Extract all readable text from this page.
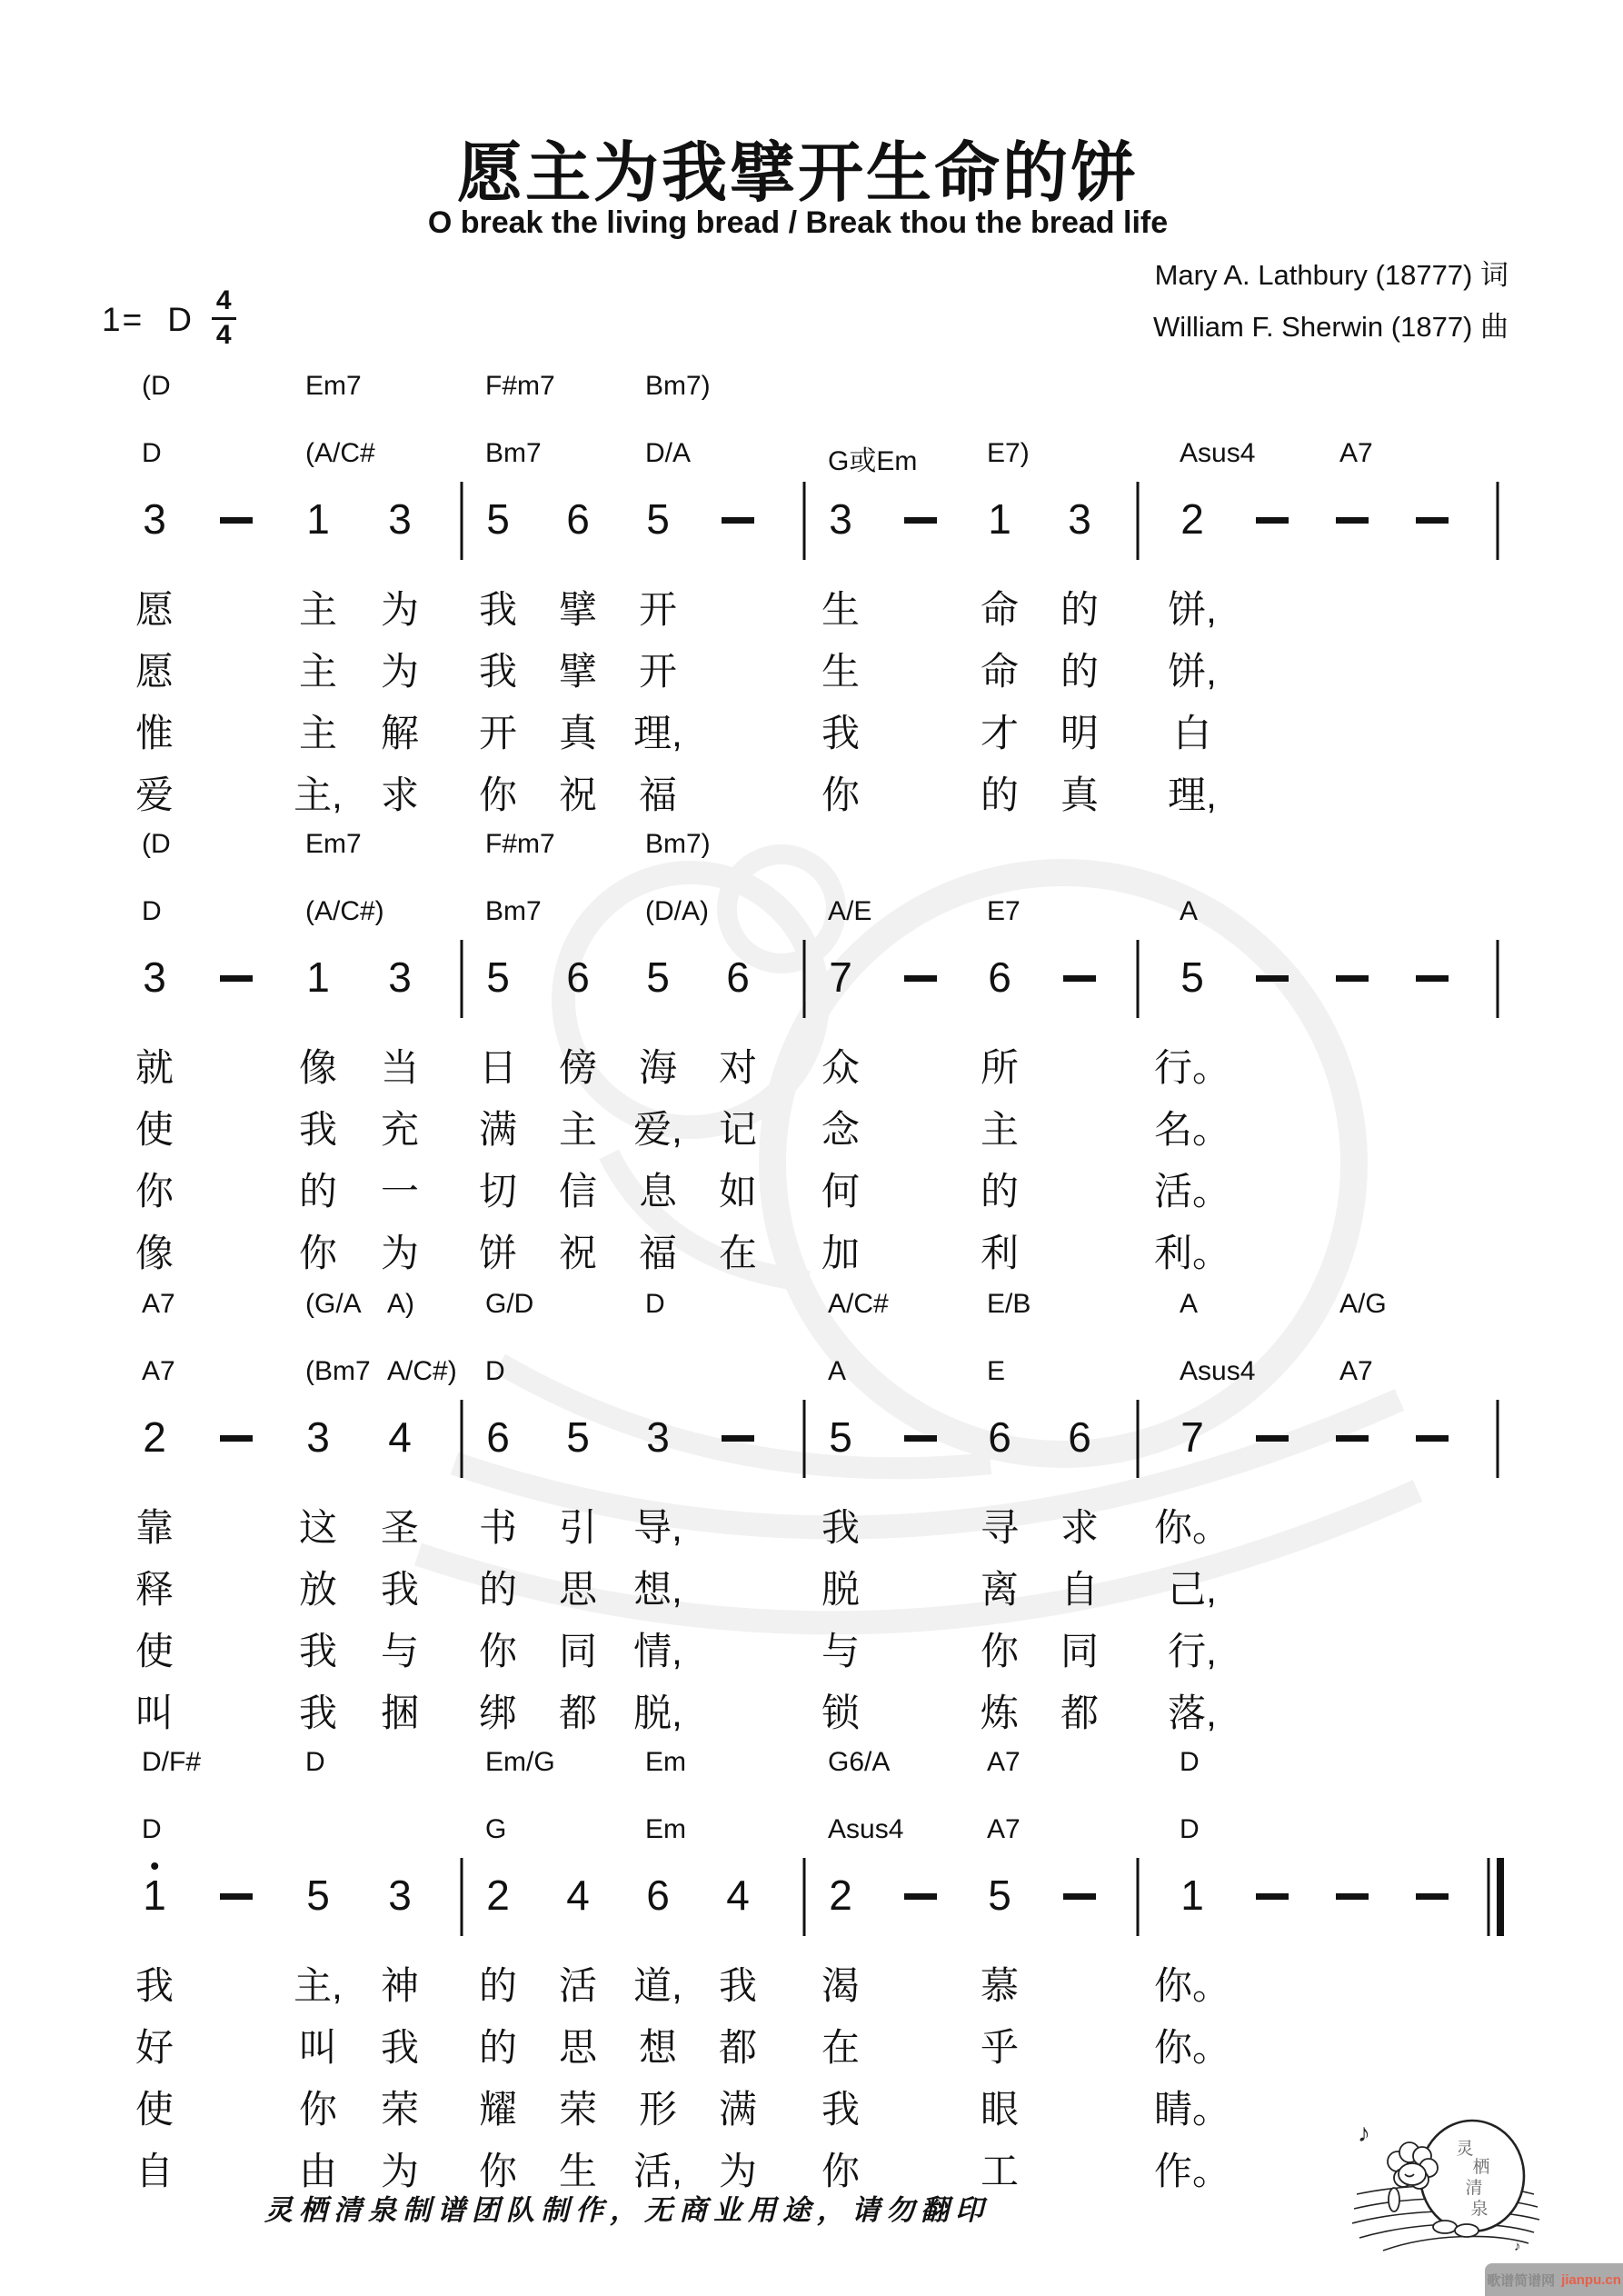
愿主为我擘开生命的饼
O break the living bread / Break thou the bread life
Mary A. Lathbury (18777) 词
William F. Sherwin (1877) 曲
1= D $\frac{4}{4}$
灵栖清泉制谱团队制作，无商业用途，请勿翻印
♪
♪
灵
栖
清
泉
歌谱简谱网 jianpu.cn
(D	Em7	F#m7	Bm7)
D	(A/C#	Bm7	D/A	G或Em	E7)	Asus4	A7
3	1 3 5 6 5	3	1 3 2
愿	主 为 我 擘 开	生	命 的 饼,
愿	主 为 我 擘 开	生	命 的 饼,
惟	主 解 开 真 理,	我	才 明 白
爱	主, 求 你 祝 福	你	的 真 理,
(D	Em7	F#m7	Bm7)
D	(A/C#)	Bm7	(D/A)	A/E	E7	A
3	1 3 5 6 5 6 7	6	5
就	像 当 日 傍 海 对 众	所	行。
使	我 充 满 主 爱, 记 念	主	名。
你	的 一 切 信 息 如 何	的	活。
像	你 为 饼 祝 福 在 加	利	利。
A7	(G/A A)	G/D	D	A/C#	E/B	A	A/G
A7	(Bm7 A/C#) D	A	E	Asus4	A7
2	3 4 6 5 3	5	6 6 7
靠	这 圣 书 引 导,	我	寻 求 你。
释	放 我 的 思 想,	脱	离 自 己,
使	我 与 你 同 情,	与	你 同 行,
叫	我 捆 绑 都 脱,	锁	炼 都 落,
D/F#	D	Em/G	Em	G6/A	A7	D
D	G	Em	Asus4	A7	D
1	5 3 2 4 6 4 2	5	1
我	主, 神 的 活 道, 我 渴	慕	你。
好	叫 我 的 思 想 都 在	乎	你。
使	你 荣 耀 荣 形 满 我	眼	睛。
自	由 为 你 生 活, 为 你	工	作。
